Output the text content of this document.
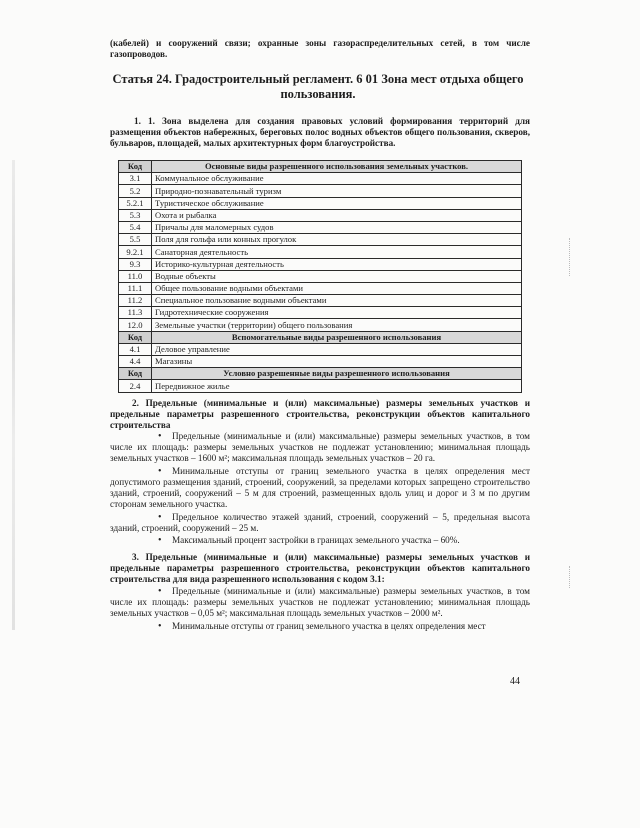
(кабелей) и сооружений связи; охранные зоны газораспределительных сетей, в том числе газопроводов.
Статья 24. Градостроительный регламент. 6 01 Зона мест отдыха общего пользования.
1. 1. Зона выделена для создания правовых условий формирования территорий для размещения объектов набережных, береговых полос водных объектов общего пользования, скверов, бульваров, площадей, малых архитектурных форм благоустройства.
Код	Основные виды разрешенного использования земельных участков.
3.1	Коммунальное обслуживание
5.2	Природно-познавательный туризм
5.2.1	Туристическое обслуживание
5.3	Охота и рыбалка
5.4	Причалы для маломерных судов
5.5	Поля для гольфа или конных прогулок
9.2.1	Санаторная деятельность
9.3	Историко-культурная деятельность
11.0	Водные объекты
11.1	Общее пользование водными объектами
11.2	Специальное пользование водными объектами
11.3	Гидротехнические сооружения
12.0	Земельные участки (территории) общего пользования
Код	Вспомогательные виды разрешенного использования
4.1	Деловое управление
4.4	Магазины
Код	Условно разрешенные виды разрешенного использования
2.4	Передвижное жилье
2. Предельные (минимальные и (или) максимальные) размеры земельных участков и предельные параметры разрешенного строительства, реконструкции объектов капитального строительства
•	Предельные (минимальные и (или) максимальные) размеры земельных участков, в том числе их площадь: размеры земельных участков не подлежат установлению; минимальная площадь земельных участков – 1600 м²; максимальная площадь земельных участков – 20 га.
•	Минимальные отступы от границ земельного участка в целях определения мест допустимого размещения зданий, строений, сооружений, за пределами которых запрещено строительство зданий, строений, сооружений – 5 м для строений, размещенных вдоль улиц и дорог и 3 м по другим сторонам земельного участка.
•	Предельное количество этажей зданий, строений, сооружений – 5, предельная высота зданий, строений, сооружений – 25 м.
•	Максимальный процент застройки в границах земельного участка – 60%.
3. Предельные (минимальные и (или) максимальные) размеры земельных участков и предельные параметры разрешенного строительства, реконструкции объектов капитального строительства для вида разрешенного использования с кодом 3.1:
•	Предельные (минимальные и (или) максимальные) размеры земельных участков, в том числе их площадь: размеры земельных участков не подлежат установлению; минимальная площадь земельных участков – 0,05 м²; максимальная площадь земельных участков – 2000 м².
•	Минимальные отступы от границ земельного участка в целях определения мест
44
